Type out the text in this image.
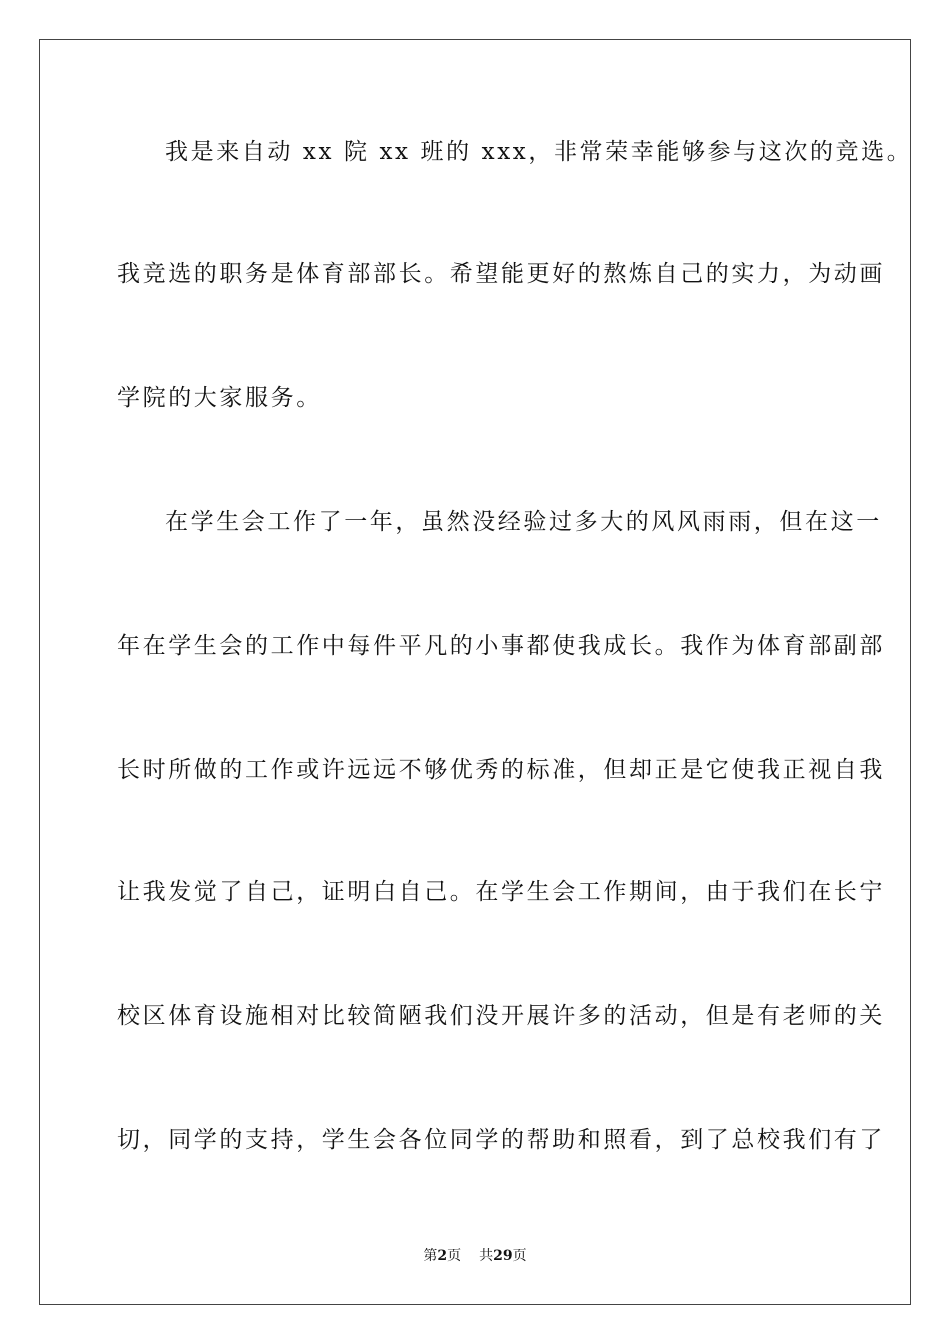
我是来自动 xx 院 xx 班的 xxx，非常荣幸能够参与这次的竞选。

我竞选的职务是体育部部长。希望能更好的熬炼自己的实力，为动画

学院的大家服务。

在学生会工作了一年，虽然没经验过多大的风风雨雨，但在这一

年在学生会的工作中每件平凡的小事都使我成长。我作为体育部副部

长时所做的工作或许远远不够优秀的标准，但却正是它使我正视自我

让我发觉了自己，证明白自己。在学生会工作期间，由于我们在长宁

校区体育设施相对比较简陋我们没开展许多的活动，但是有老师的关

切，同学的支持，学生会各位同学的帮助和照看，到了总校我们有了

第2页 共29页
